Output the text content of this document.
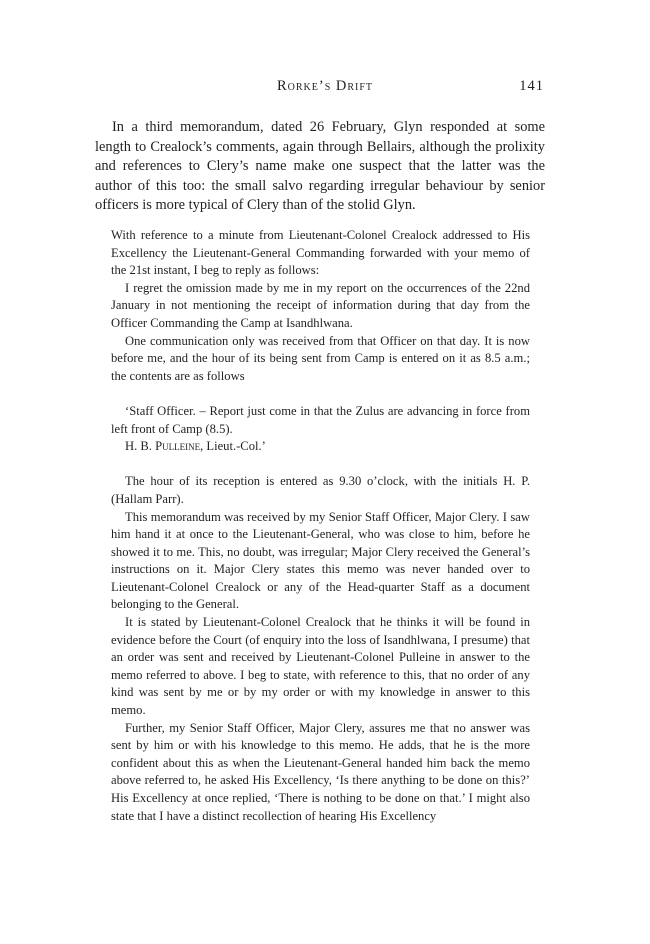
Rorke’s Drift	141

In a third memorandum, dated 26 February, Glyn responded at some length to Crealock’s comments, again through Bellairs, although the prolixity and references to Clery’s name make one suspect that the latter was the author of this too: the small salvo regarding irregular behaviour by senior officers is more typical of Clery than of the stolid Glyn.

With reference to a minute from Lieutenant-Colonel Crealock addressed to His Excellency the Lieutenant-General Commanding forwarded with your memo of the 21st instant, I beg to reply as follows:

I regret the omission made by me in my report on the occurrences of the 22nd January in not mentioning the receipt of information during that day from the Officer Commanding the Camp at Isandhlwana.

One communication only was received from that Officer on that day. It is now before me, and the hour of its being sent from Camp is entered on it as 8.5 a.m.; the contents are as follows

‘Staff Officer. – Report just come in that the Zulus are advancing in force from left front of Camp (8.5).

H. B. Pulleine, Lieut.-Col.’

The hour of its reception is entered as 9.30 o’clock, with the initials H. P. (Hallam Parr).

This memorandum was received by my Senior Staff Officer, Major Clery. I saw him hand it at once to the Lieutenant-General, who was close to him, before he showed it to me. This, no doubt, was irregular; Major Clery received the General’s instructions on it. Major Clery states this memo was never handed over to Lieutenant-Colonel Crealock or any of the Head-quarter Staff as a document belonging to the General.

It is stated by Lieutenant-Colonel Crealock that he thinks it will be found in evidence before the Court (of enquiry into the loss of Isandhlwana, I presume) that an order was sent and received by Lieutenant-Colonel Pulleine in answer to the memo referred to above. I beg to state, with reference to this, that no order of any kind was sent by me or by my order or with my knowledge in answer to this memo.

Further, my Senior Staff Officer, Major Clery, assures me that no answer was sent by him or with his knowledge to this memo. He adds, that he is the more confident about this as when the Lieutenant-General handed him back the memo above referred to, he asked His Excellency, ‘Is there anything to be done on this?’ His Excellency at once replied, ‘There is nothing to be done on that.’ I might also state that I have a distinct recollection of hearing His Excellency
